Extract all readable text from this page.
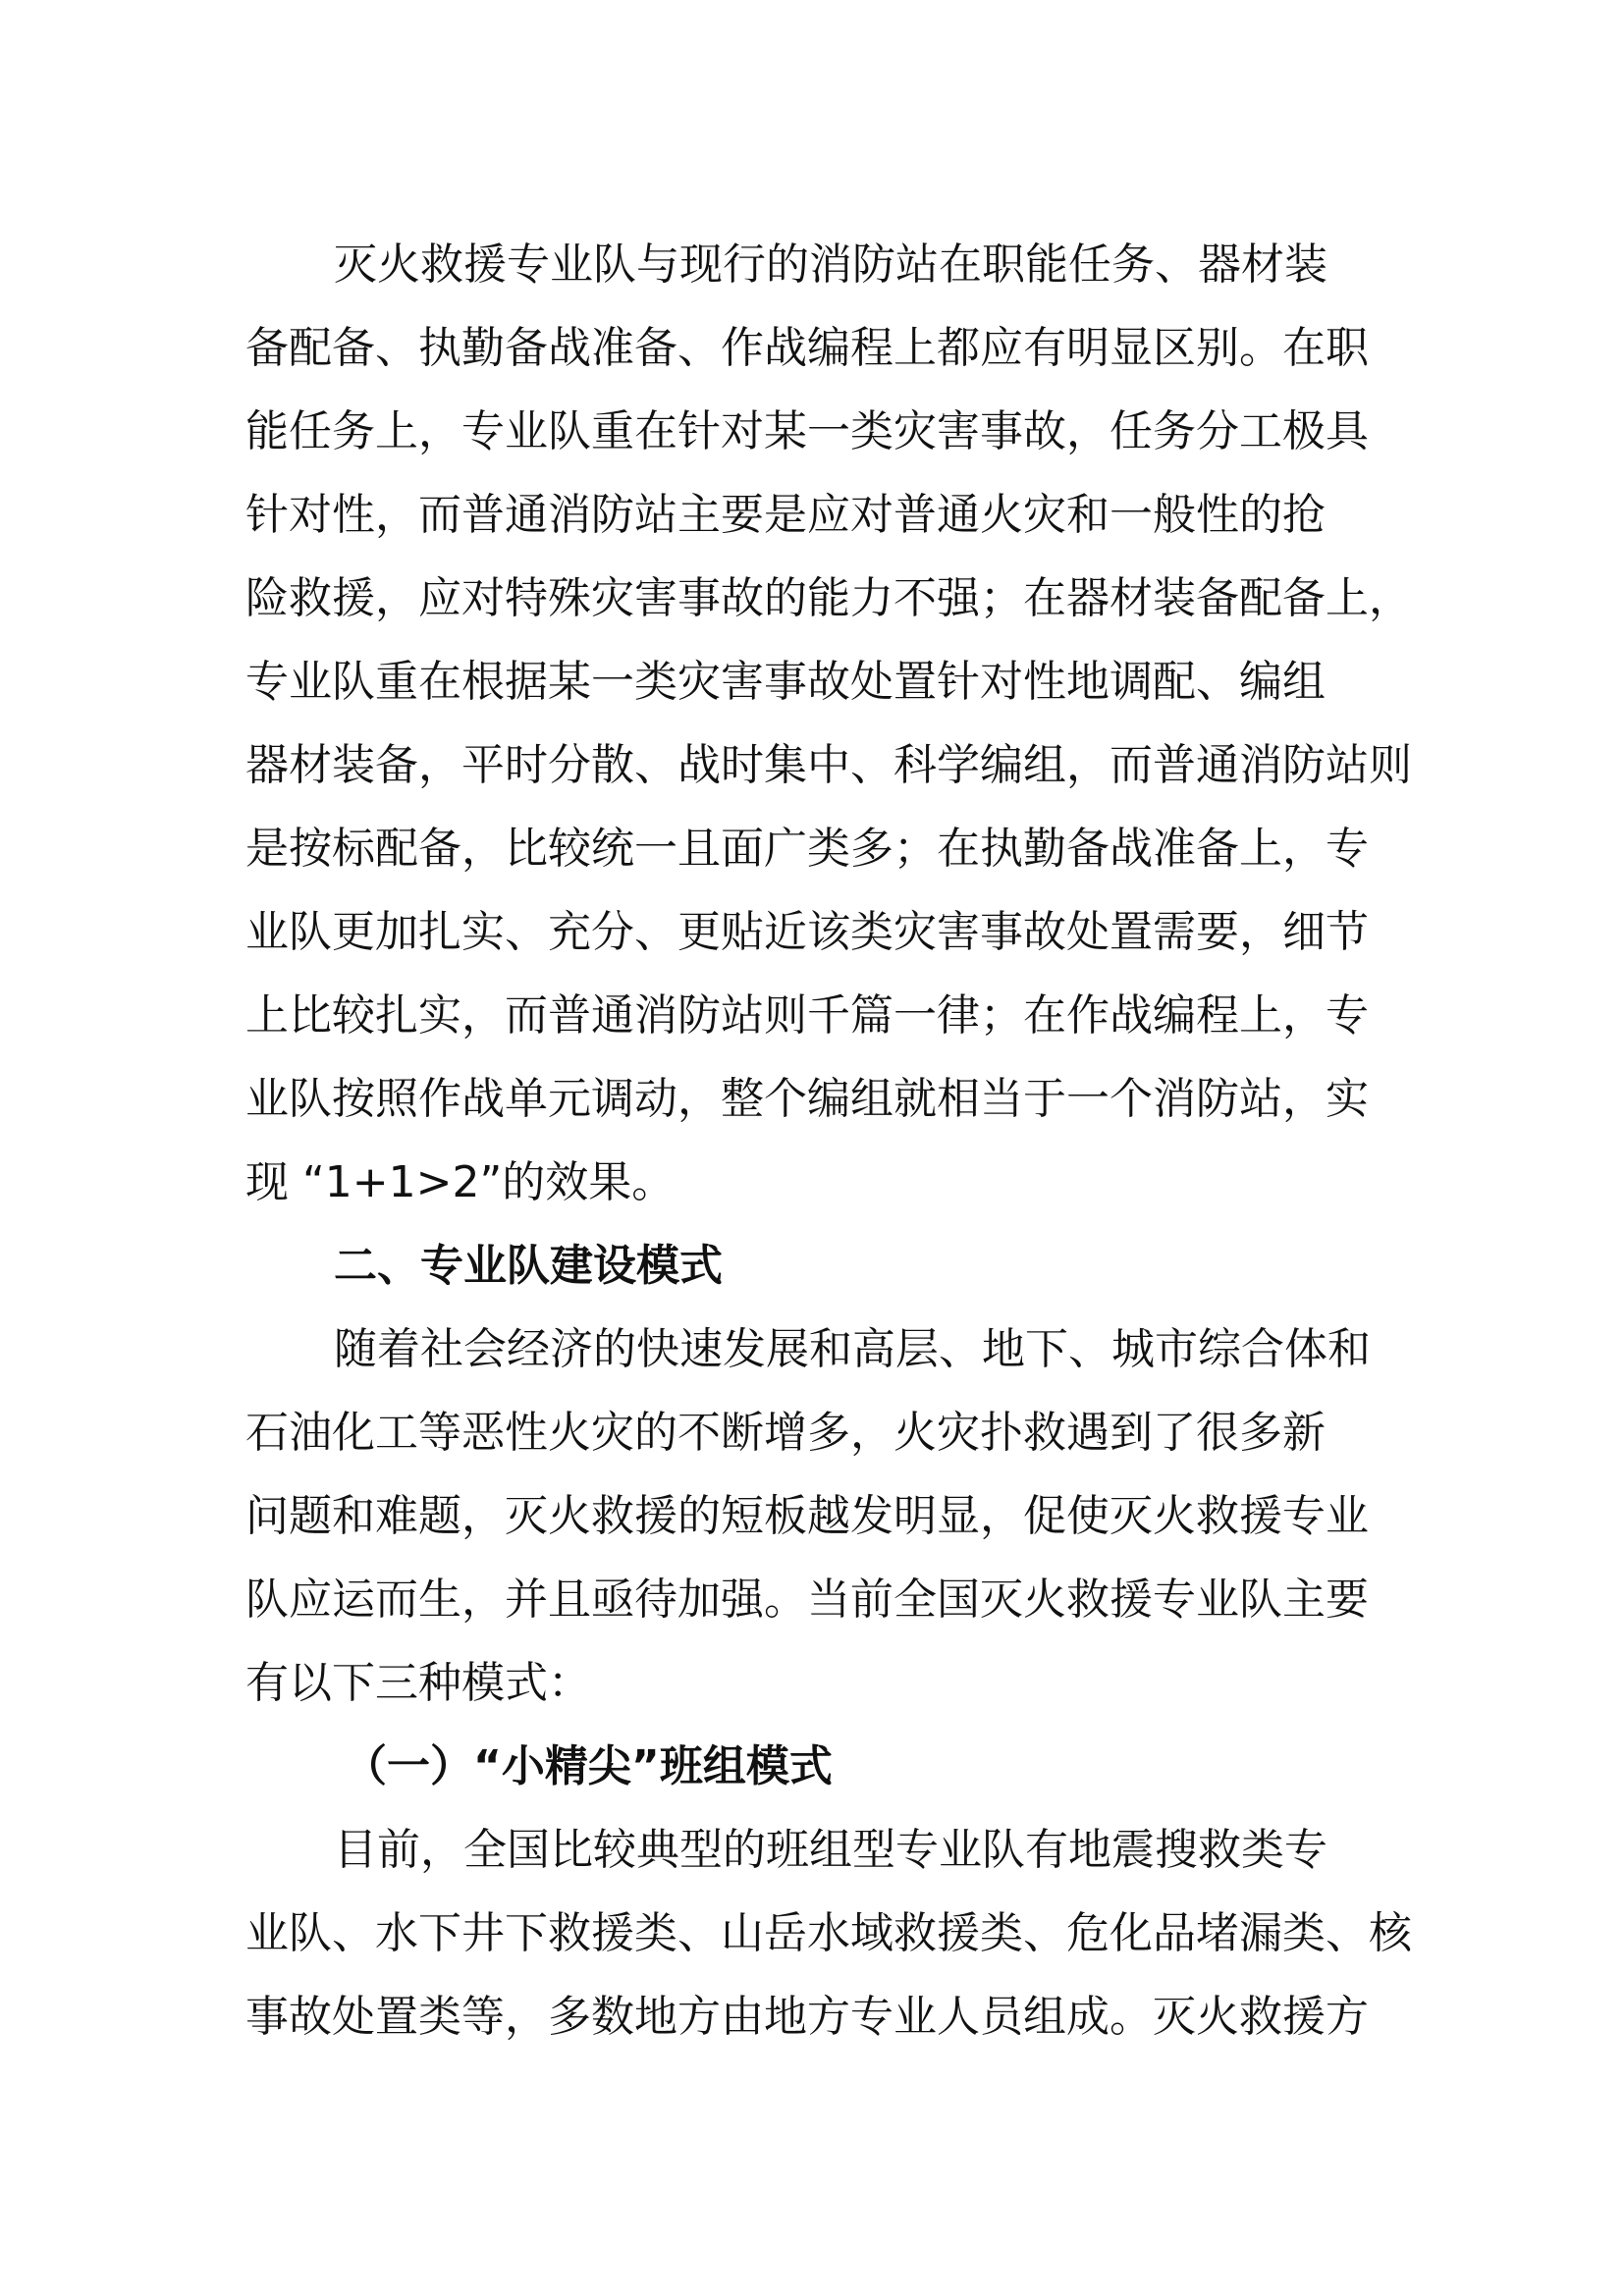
灭火救援专业队与现行的消防站在职能任务、器材装
备配备、执勤备战准备、作战编程上都应有明显区别。在职
能任务上，专业队重在针对某一类灾害事故，任务分工极具
针对性，而普通消防站主要是应对普通火灾和一般性的抢
险救援，应对特殊灾害事故的能力不强；在器材装备配备上，
专业队重在根据某一类灾害事故处置针对性地调配、编组
器材装备，平时分散、战时集中、科学编组，而普通消防站则
是按标配备，比较统一且面广类多；在执勤备战准备上，专
业队更加扎实、充分、更贴近该类灾害事故处置需要，细节
上比较扎实，而普通消防站则千篇一律；在作战编程上，专
业队按照作战单元调动，整个编组就相当于一个消防站，实
现 “1+1>2”的效果。
二、专业队建设模式
随着社会经济的快速发展和高层、地下、城市综合体和
石油化工等恶性火灾的不断增多，火灾扑救遇到了很多新
问题和难题，灭火救援的短板越发明显，促使灭火救援专业
队应运而生，并且亟待加强。当前全国灭火救援专业队主要
有以下三种模式：
（一）“小精尖”班组模式
目前，全国比较典型的班组型专业队有地震搜救类专
业队、水下井下救援类、山岳水域救援类、危化品堵漏类、核
事故处置类等，多数地方由地方专业人员组成。灭火救援方
